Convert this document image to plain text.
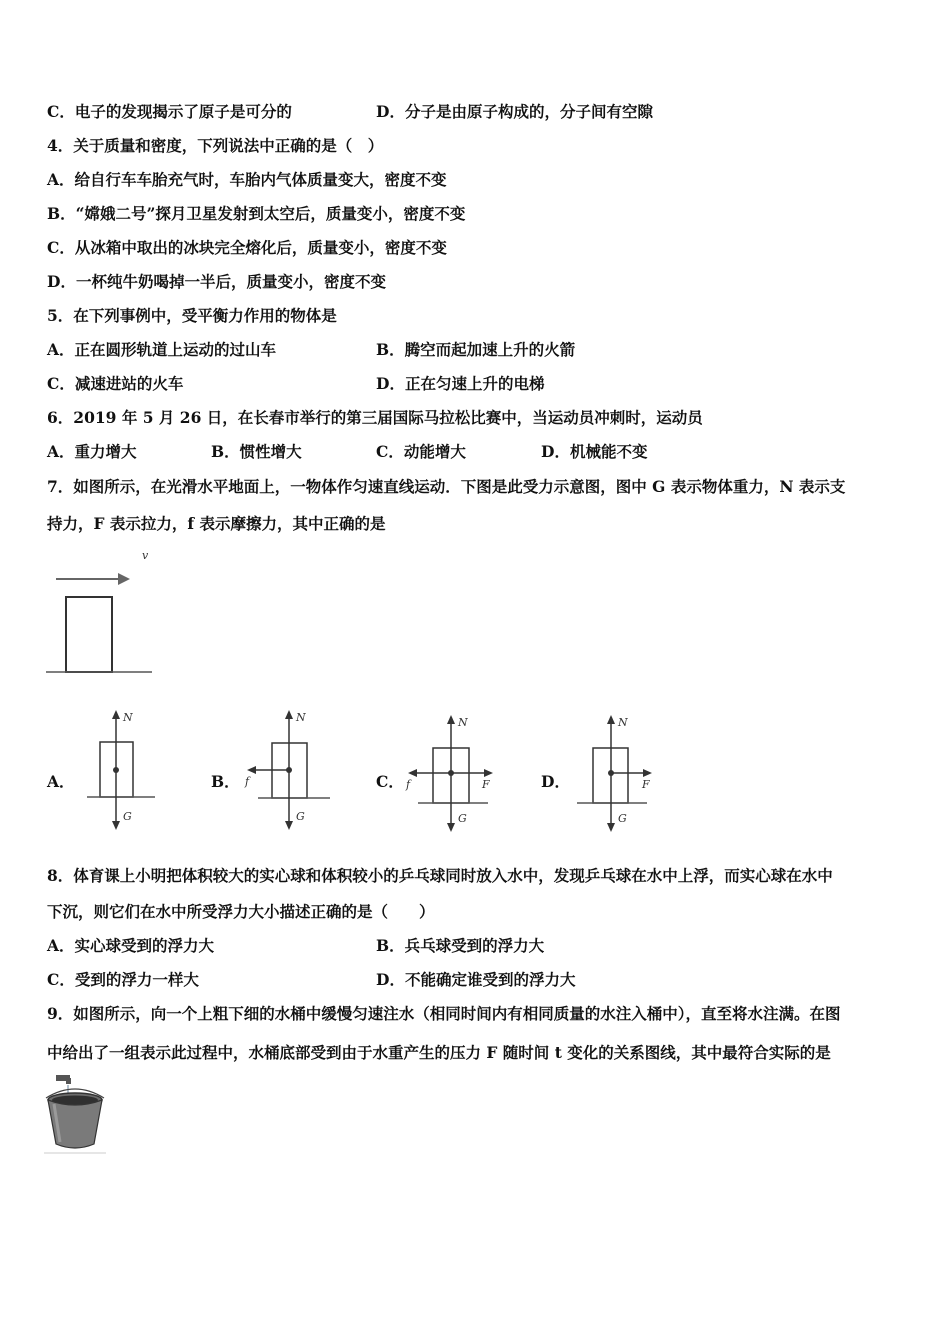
C．电子的发现揭示了原子是可分的	D．分子是由原子构成的，分子间有空隙
4．关于质量和密度，下列说法中正确的是（　）
A．给自行车车胎充气时，车胎内气体质量变大，密度不变
B．“嫦娥二号”探月卫星发射到太空后，质量变小，密度不变
C．从冰箱中取出的冰块完全熔化后，质量变小，密度不变
D．一杯纯牛奶喝掉一半后，质量变小，密度不变
5．在下列事例中，受平衡力作用的物体是
A．正在圆形轨道上运动的过山车	B．腾空而起加速上升的火箭
C．减速进站的火车	D．正在匀速上升的电梯
6．2019 年 5 月 26 日，在长春市举行的第三届国际马拉松比赛中，当运动员冲刺时，运动员
A．重力增大	B．惯性增大	C．动能增大	D．机械能不变
7．如图所示，在光滑水平地面上，一物体作匀速直线运动．下图是此受力示意图，图中 G 表示物体重力，N 表示支
持力，F 表示拉力，f 表示摩擦力，其中正确的是
v
A．	B．	C．	D．
N
G
N
G
f
N
G
f	F
N
G
F
8．体育课上小明把体积较大的实心球和体积较小的乒乓球同时放入水中，发现乒乓球在水中上浮，而实心球在水中
下沉，则它们在水中所受浮力大小描述正确的是（　　）
A．实心球受到的浮力大	B．兵乓球受到的浮力大
C．受到的浮力一样大	D．不能确定谁受到的浮力大
9．如图所示，向一个上粗下细的水桶中缓慢匀速注水（相同时间内有相同质量的水注入桶中），直至将水注满。在图
中给出了一组表示此过程中，水桶底部受到由于水重产生的压力 F 随时间 t 变化的关系图线，其中最符合实际的是
